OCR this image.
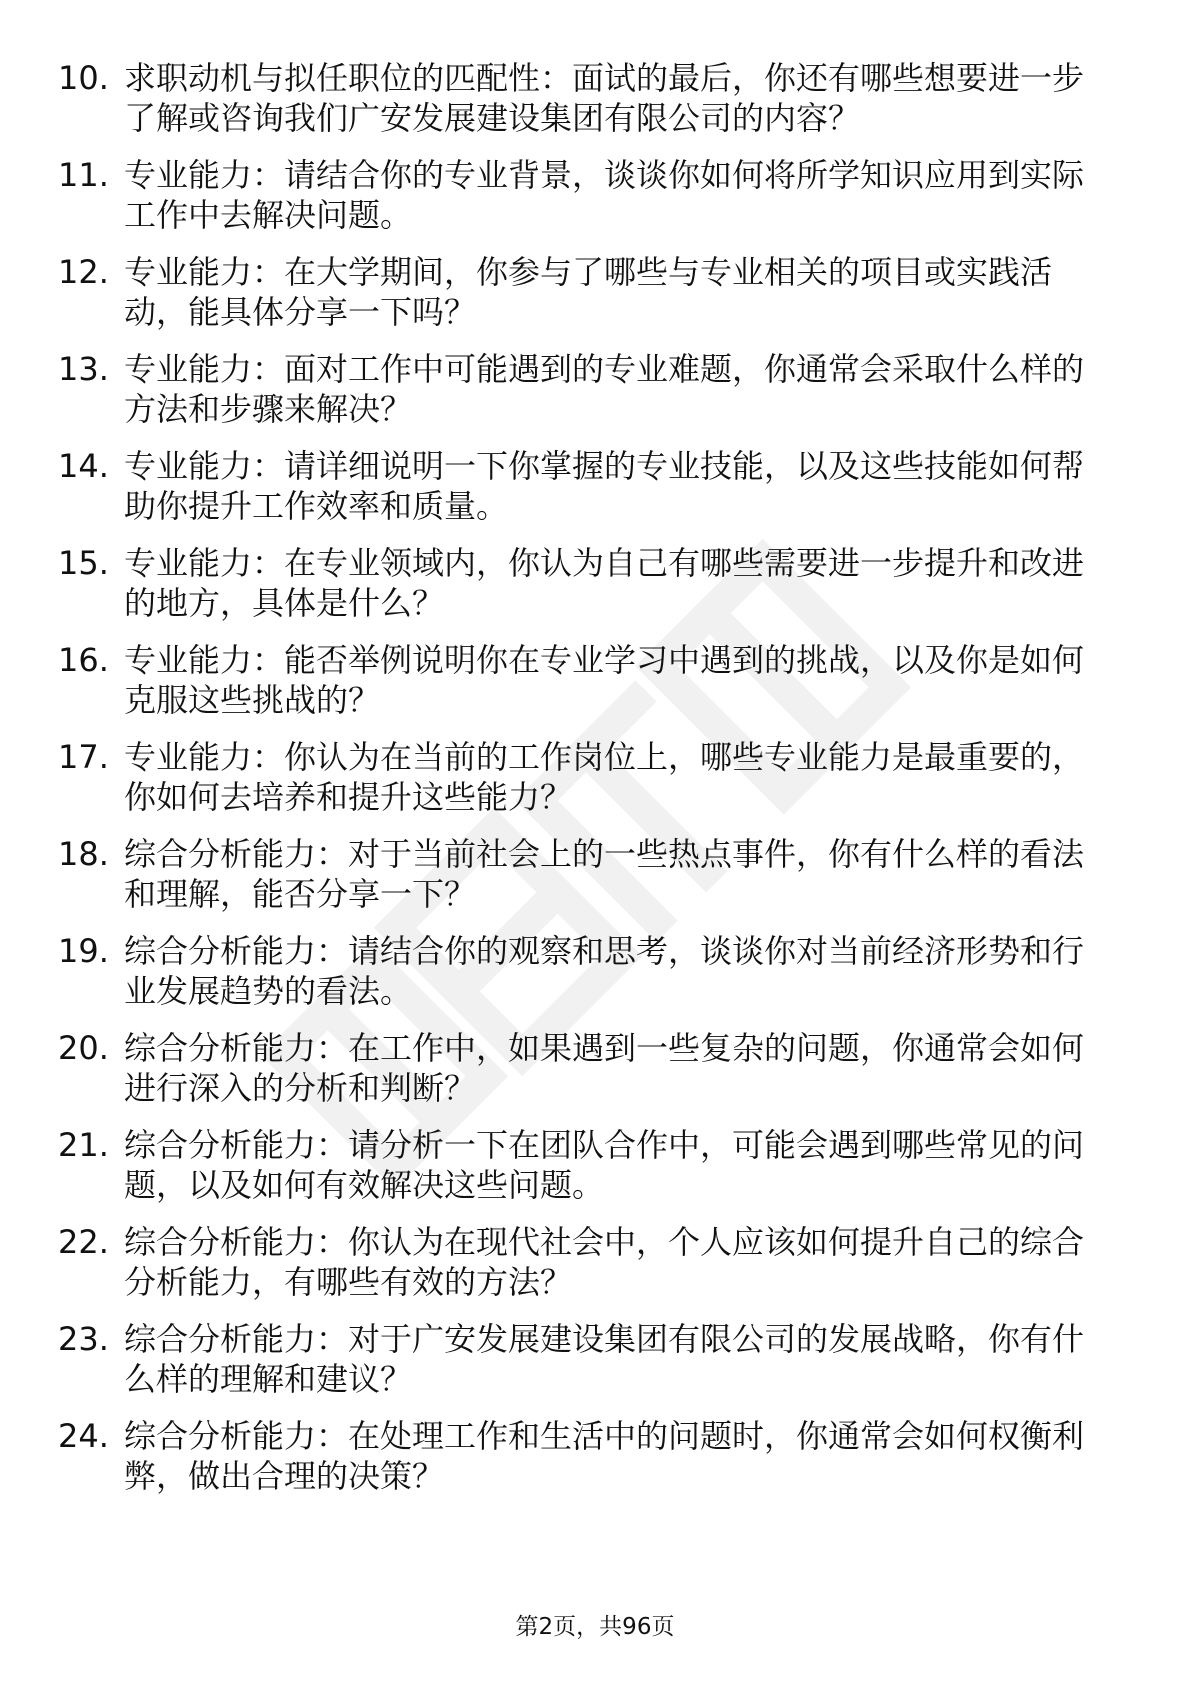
10. 求职动机与拟任职位的匹配性：面试的最后，你还有哪些想要进一步了解或咨询我们广安发展建设集团有限公司的内容？
11. 专业能力：请结合你的专业背景，谈谈你如何将所学知识应用到实际工作中去解决问题。
12. 专业能力：在大学期间，你参与了哪些与专业相关的项目或实践活动，能具体分享一下吗？
13. 专业能力：面对工作中可能遇到的专业难题，你通常会采取什么样的方法和步骤来解决？
14. 专业能力：请详细说明一下你掌握的专业技能，以及这些技能如何帮助你提升工作效率和质量。
15. 专业能力：在专业领域内，你认为自己有哪些需要进一步提升和改进的地方，具体是什么？
16. 专业能力：能否举例说明你在专业学习中遇到的挑战，以及你是如何克服这些挑战的？
17. 专业能力：你认为在当前的工作岗位上，哪些专业能力是最重要的，你如何去培养和提升这些能力？
18. 综合分析能力：对于当前社会上的一些热点事件，你有什么样的看法和理解，能否分享一下？
19. 综合分析能力：请结合你的观察和思考，谈谈你对当前经济形势和行业发展趋势的看法。
20. 综合分析能力：在工作中，如果遇到一些复杂的问题，你通常会如何进行深入的分析和判断？
21. 综合分析能力：请分析一下在团队合作中，可能会遇到哪些常见的问题，以及如何有效解决这些问题。
22. 综合分析能力：你认为在现代社会中，个人应该如何提升自己的综合分析能力，有哪些有效的方法？
23. 综合分析能力：对于广安发展建设集团有限公司的发展战略，你有什么样的理解和建议？
24. 综合分析能力：在处理工作和生活中的问题时，你通常会如何权衡利弊，做出合理的决策？
第2页，共96页
